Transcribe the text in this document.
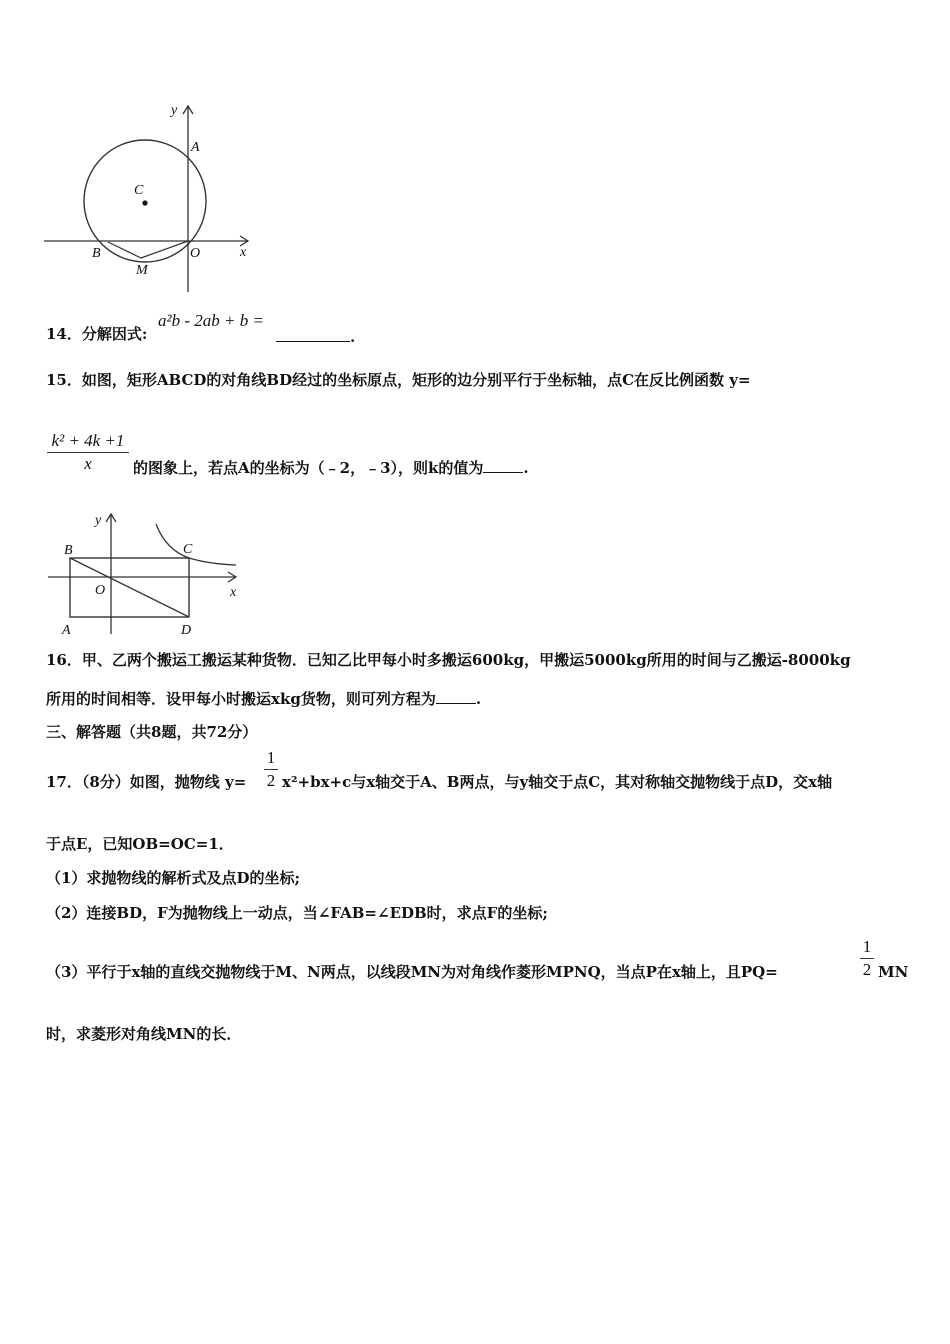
y
x
A
C
B	O
M
14．分解因式:
a²b - 2ab + b =
.
15．如图，矩形ABCD的对角线BD经过的坐标原点，矩形的边分别平行于坐标轴，点C在反比例函数 y=
k² + 4k +1
x	的图象上，若点A的坐标为（﹣2，﹣3），则k的值为	.
y
x
B	C
O
A	D
16．甲、乙两个搬运工搬运某种货物．已知乙比甲每小时多搬运600kg，甲搬运5000kg所用的时间与乙搬运-8000kg
所用的时间相等．设甲每小时搬运xkg货物，则可列方程为	.
三、解答题（共8题，共72分）
17．（8分）如图，抛物线 y=
1
2 x²+bx+c与x轴交于A、B两点，与y轴交于点C，其对称轴交抛物线于点D，交x轴
于点E，已知OB=OC=1．
（1）求抛物线的解析式及点D的坐标;
（2）连接BD，F为抛物线上一动点，当∠FAB=∠EDB时，求点F的坐标;
（3）平行于x轴的直线交抛物线于M、N两点，以线段MN为对角线作菱形MPNQ，当点P在x轴上，且PQ=
1
2 MN
时，求菱形对角线MN的长．
